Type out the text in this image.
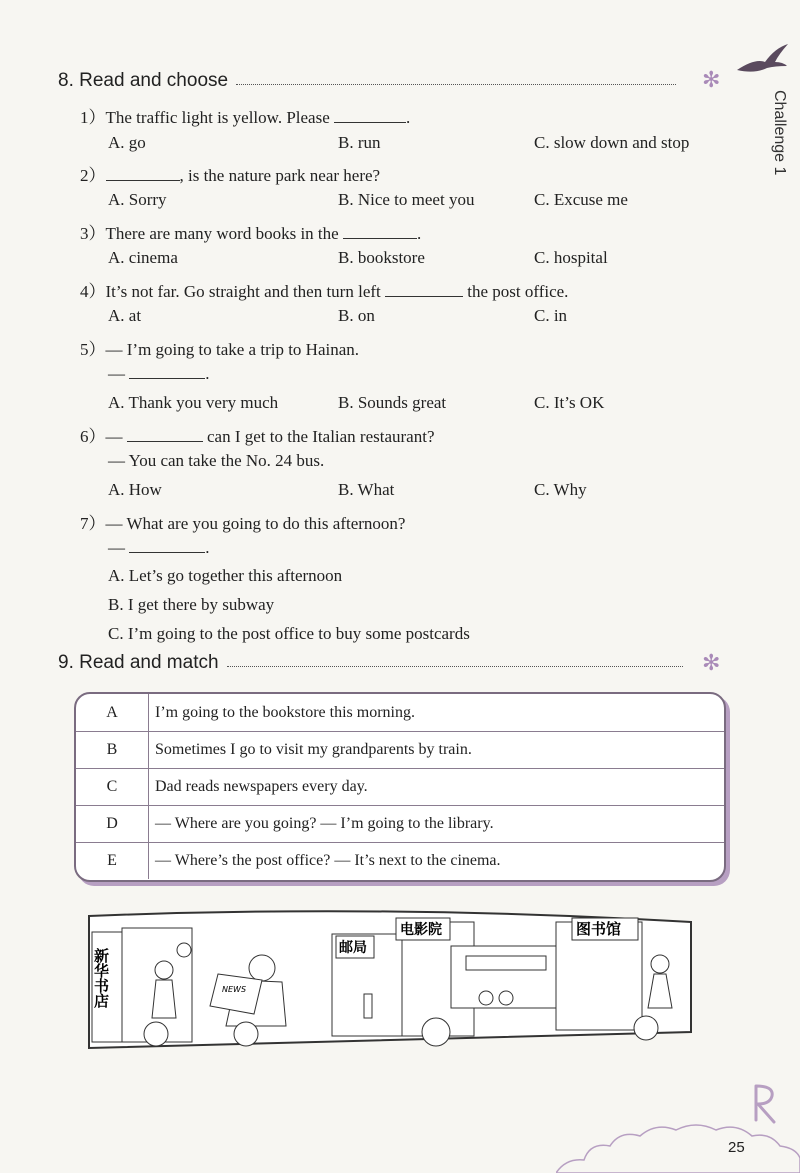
Challenge 1
8. Read and choose	✻
1）The traffic light is yellow. Please	.
A. go	B. run	C. slow down and stop
2）	, is the nature park near here?
A. Sorry	B. Nice to meet you	C. Excuse me
3）There are many word books in the	.
A. cinema	B. bookstore	C. hospital
4）It’s not far. Go straight and then turn left	the post office.
A. at	B. on	C. in
5）— I’m going to take a trip to Hainan.
—	.
A. Thank you very much	B. Sounds great	C. It’s OK
6）—	can I get to the Italian restaurant?
— You can take the No. 24 bus.
A. How	B. What	C. Why
7）— What are you going to do this afternoon?
—	.
A. Let’s go together this afternoon
B. I get there by subway
C. I’m going to the post office to buy some postcards
9. Read and match	✻
A	I’m going to the bookstore this morning.
B	Sometimes I go to visit my grandparents by train.
C	Dad reads newspapers every day.
D	— Where are you going? — I’m going to the library.
E	— Where’s the post office? — It’s next to the cinema.
新华书店	邮局
电影院	图书馆
NEWS
25
